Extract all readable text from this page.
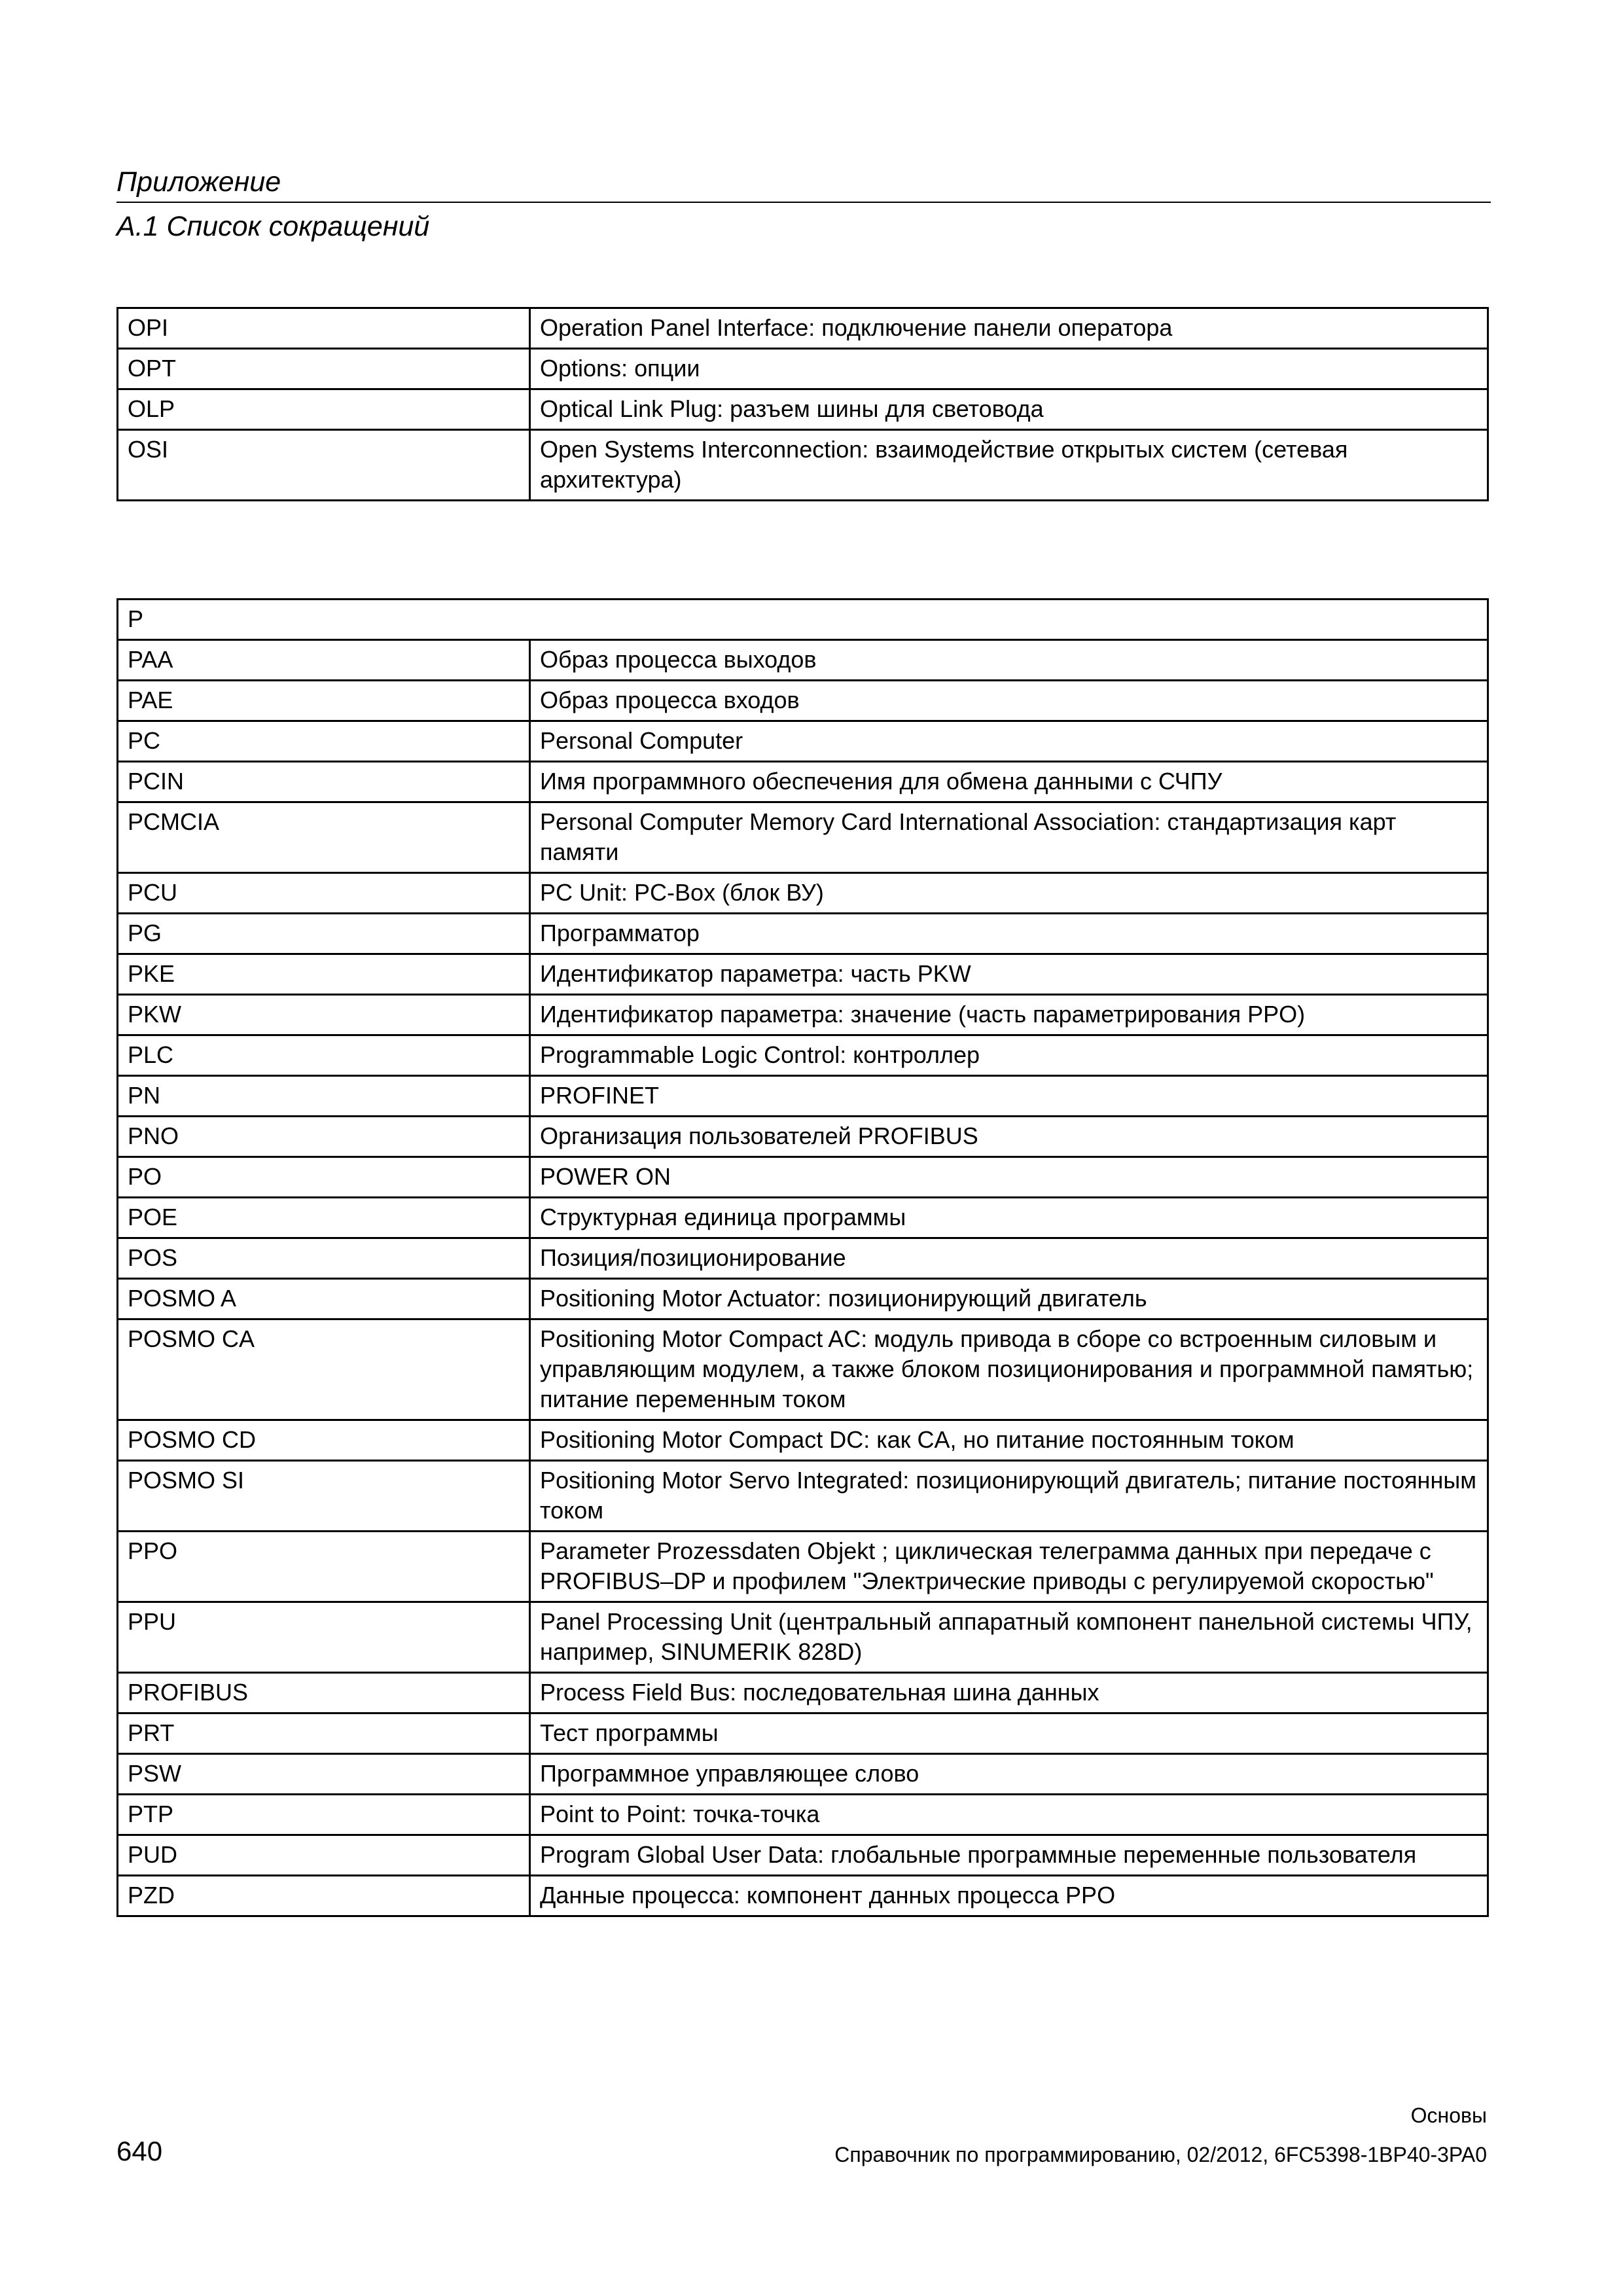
Приложение
A.1 Список сокращений
OPI	Operation Panel Interface: подключение панели оператора
OPT	Options: опции
OLP	Optical Link Plug: разъем шины для световода
OSI	Open Systems Interconnection: взаимодействие открытых систем (сетевая архитектура)
P	
PAA	Образ процесса выходов
PAE	Образ процесса входов
PC	Personal Computer
PCIN	Имя программного обеспечения для обмена данными с СЧПУ
PCMCIA	Personal Computer Memory Card International Association: стандартизация карт памяти
PCU	PC Unit: PC-Box (блок ВУ)
PG	Программатор
PKE	Идентификатор параметра: часть PKW
PKW	Идентификатор параметра: значение (часть параметрирования PPO)
PLC	Programmable Logic Control: контроллер
PN	PROFINET
PNO	Организация пользователей PROFIBUS
PO	POWER ON
POE	Структурная единица программы
POS	Позиция/позиционирование
POSMO A	Positioning Motor Actuator: позиционирующий двигатель
POSMO CA	Positioning Motor Compact AC: модуль привода в сборе со встроенным силовым и управляющим модулем, а также блоком позиционирования и программной памятью; питание переменным током
POSMO CD	Positioning Motor Compact DC: как CA, но питание постоянным током
POSMO SI	Positioning Motor Servo Integrated: позиционирующий двигатель; питание постоянным током
PPO	Parameter Prozessdaten Objekt ; циклическая телеграмма данных при передаче с PROFIBUS–DP и профилем "Электрические приводы с регулируемой скоростью"
PPU	Panel Processing Unit (центральный аппаратный компонент панельной системы ЧПУ, например, SINUMERIK 828D)
PROFIBUS	Process Field Bus: последовательная шина данных
PRT	Тест программы
PSW	Программное управляющее слово
PTP	Point to Point: точка-точка
PUD	Program Global User Data: глобальные программные переменные пользователя
PZD	Данные процесса: компонент данных процесса PPO
Основы
640	Справочник по программированию, 02/2012, 6FC5398-1BP40-3PA0
